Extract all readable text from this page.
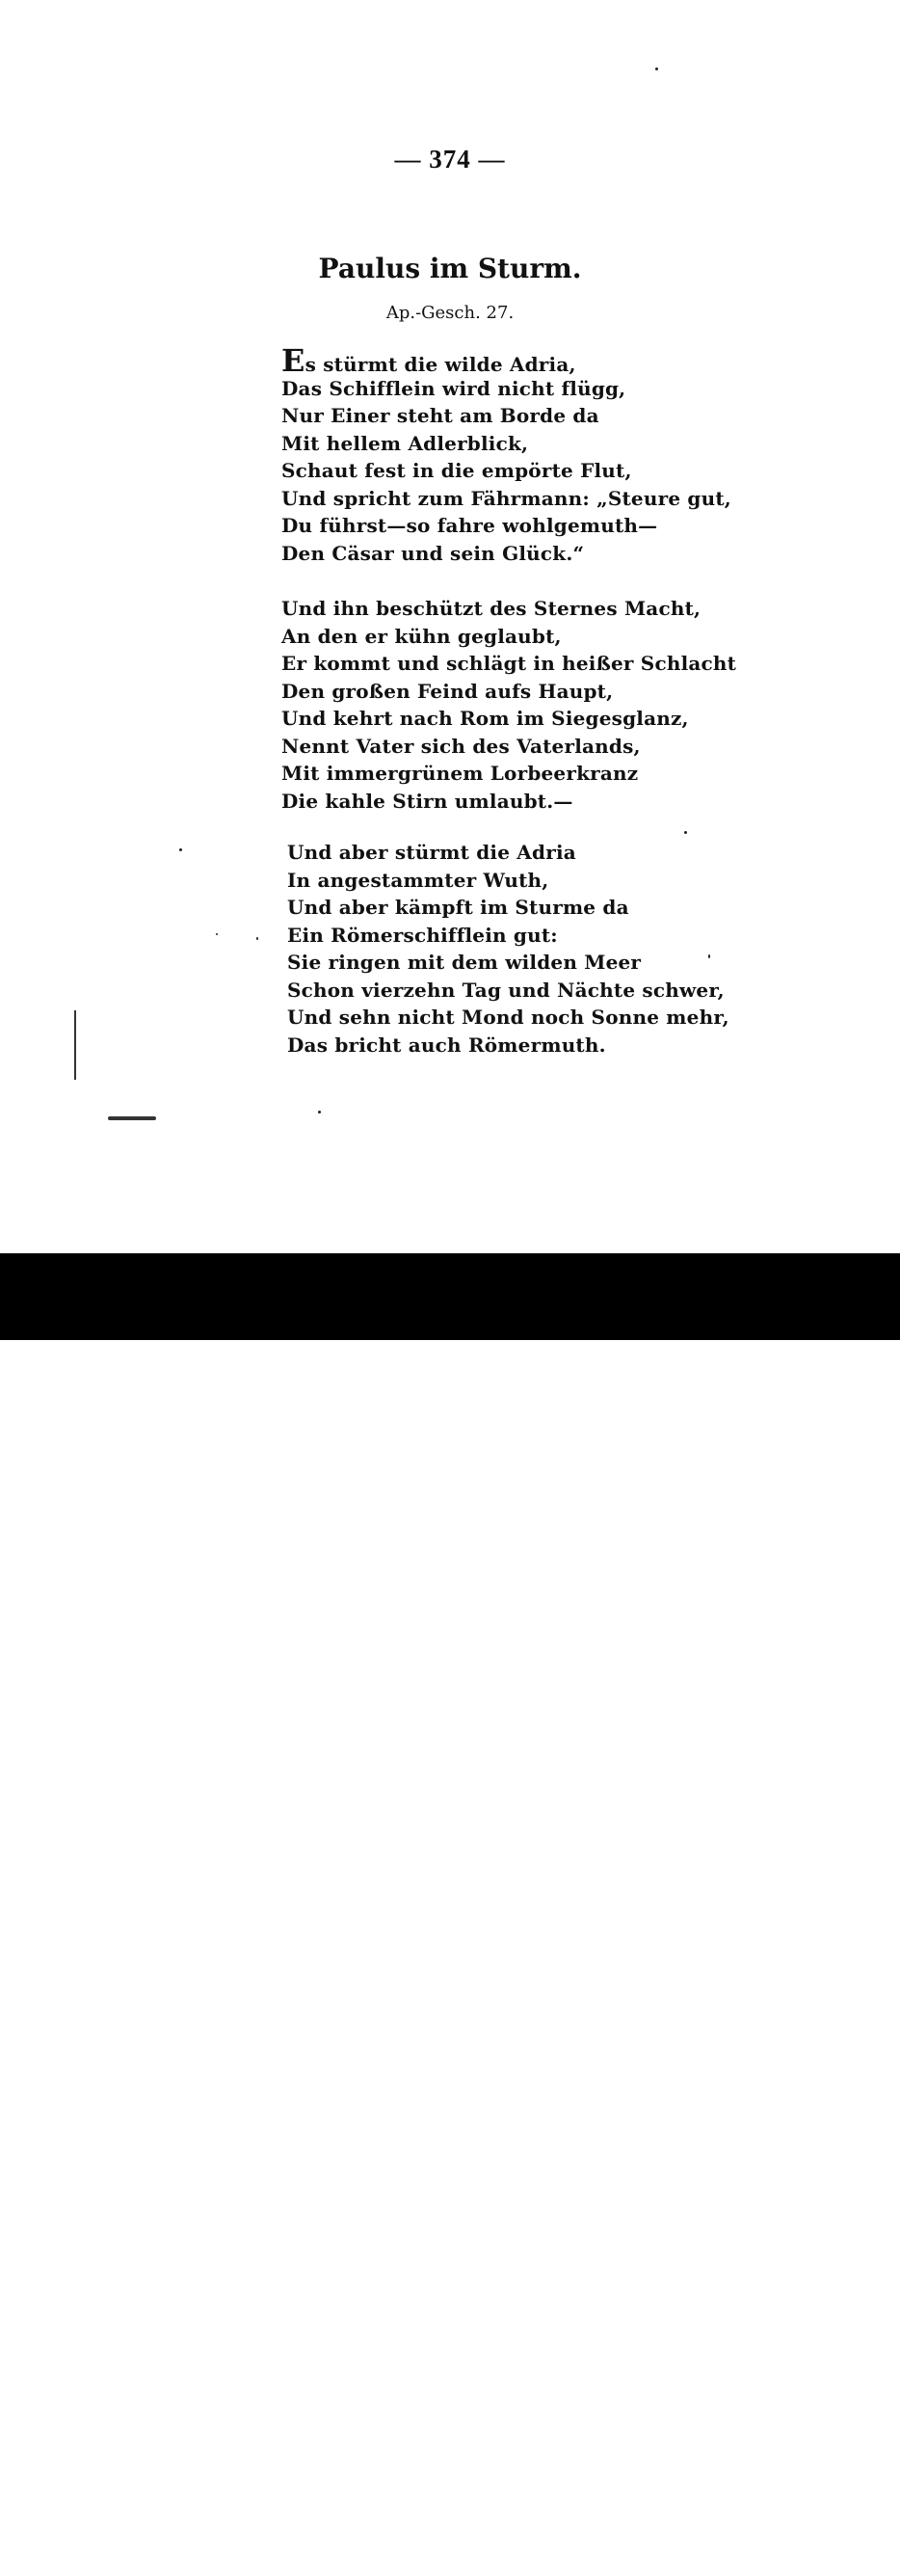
— 374 —
Paulus im Sturm.
Ap.-Gesch. 27.
Es stürmt die wilde Adria,
Das Schifflein wird nicht flügg,
Nur Einer steht am Borde da
Mit hellem Adlerblick,
Schaut fest in die empörte Flut,
Und spricht zum Fährmann: „Steure gut,
Du führst—so fahre wohlgemuth—
Den Cäsar und sein Glück.“
Und ihn beschützt des Sternes Macht,
An den er kühn geglaubt,
Er kommt und schlägt in heißer Schlacht
Den großen Feind aufs Haupt,
Und kehrt nach Rom im Siegesglanz,
Nennt Vater sich des Vaterlands,
Mit immergrünem Lorbeerkranz
Die kahle Stirn umlaubt.—
Und aber stürmt die Adria
In angestammter Wuth,
Und aber kämpft im Sturme da
Ein Römerschifflein gut:
Sie ringen mit dem wilden Meer
Schon vierzehn Tag und Nächte schwer,
Und sehn nicht Mond noch Sonne mehr,
Das bricht auch Römermuth.
alamy	KYCW0N
www.alamy.com
